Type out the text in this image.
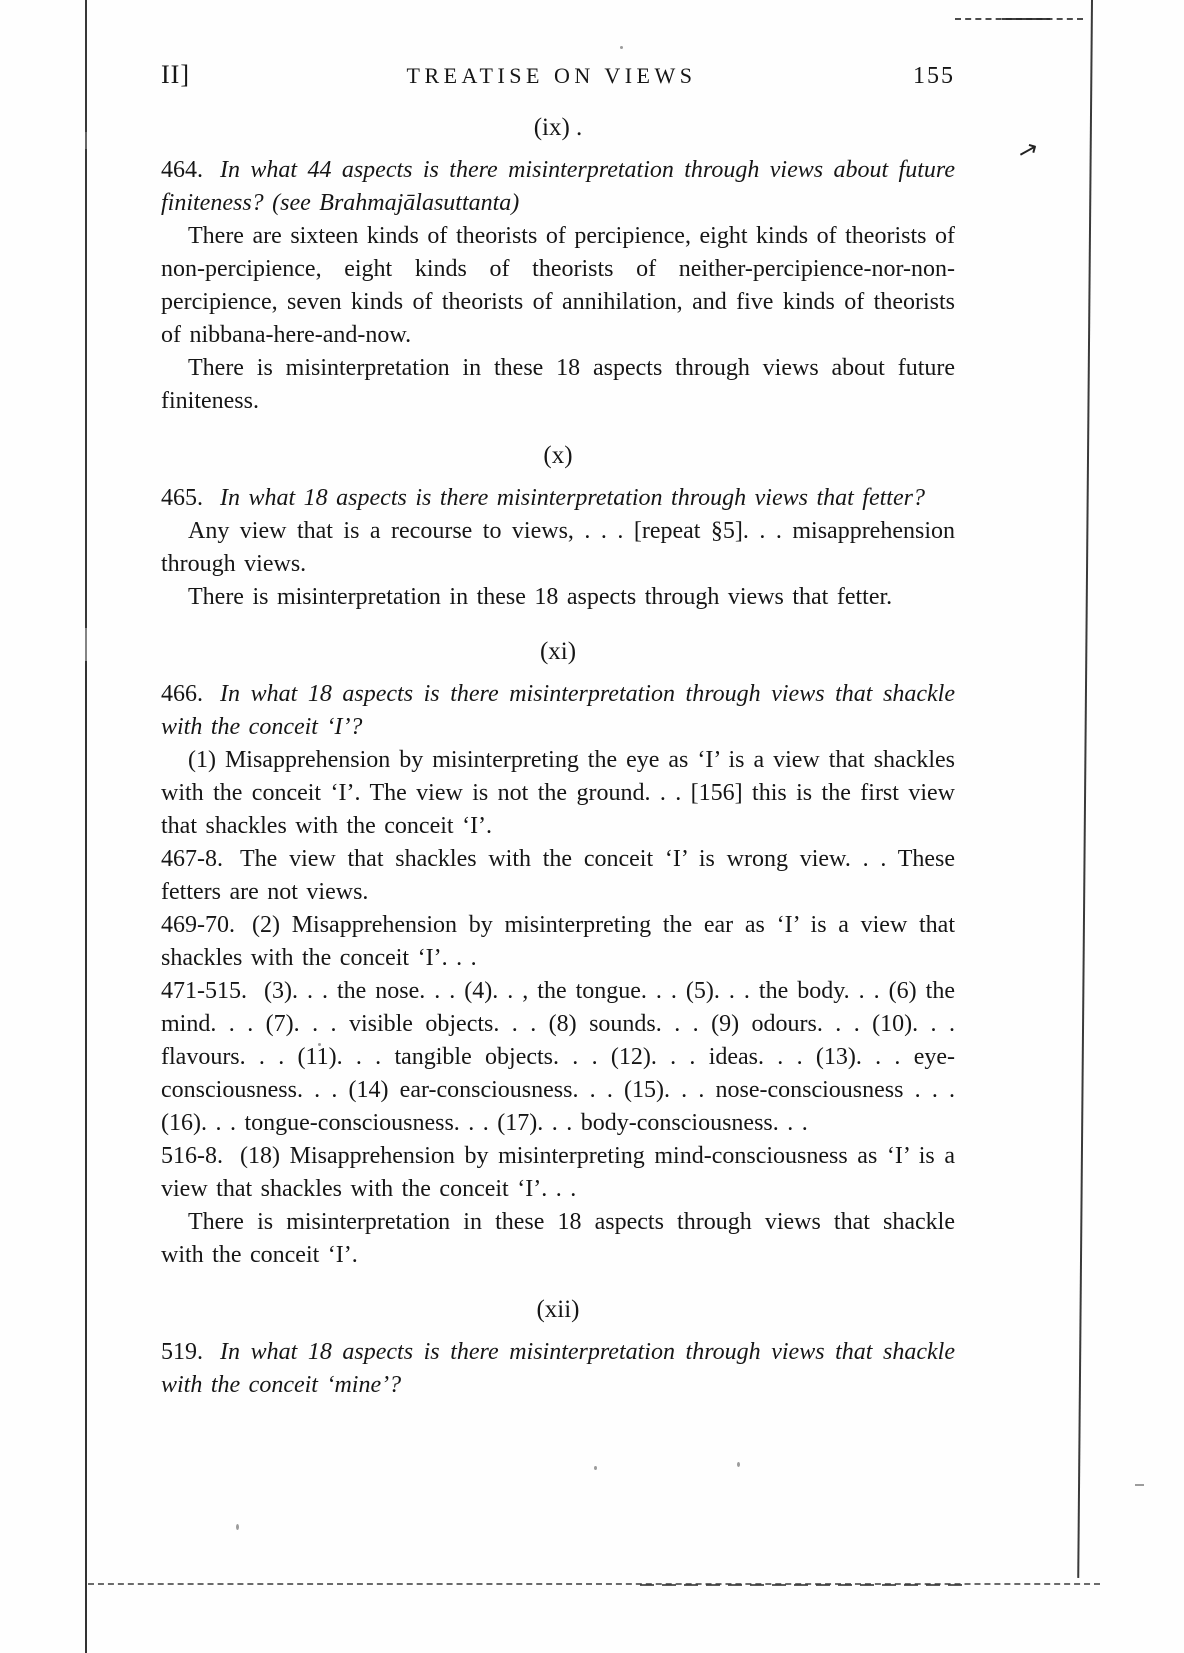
↗
II]	TREATISE ON VIEWS	155
(ix) .

464. In what 44 aspects is there misinterpretation through views about future finiteness? (see Brahmajālasuttanta)

There are sixteen kinds of theorists of percipience, eight kinds of theorists of non-percipience, eight kinds of theorists of neither-percipience-nor-non-percipience, seven kinds of theorists of annihilation, and five kinds of theorists of nibbana-here-and-now.

There is misinterpretation in these 18 aspects through views about future finiteness.

(x)

465. In what 18 aspects is there misinterpretation through views that fetter?

Any view that is a recourse to views, . . . [repeat §5]. . . misapprehension through views.

There is misinterpretation in these 18 aspects through views that fetter.

(xi)

466. In what 18 aspects is there misinterpretation through views that shackle with the conceit ‘I’?

(1) Misapprehension by misinterpreting the eye as ‘I’ is a view that shackles with the conceit ‘I’. The view is not the ground. . . [156] this is the first view that shackles with the conceit ‘I’.

467-8. The view that shackles with the conceit ‘I’ is wrong view. . . These fetters are not views.

469-70. (2) Misapprehension by misinterpreting the ear as ‘I’ is a view that shackles with the conceit ‘I’. . .

471-515. (3). . . the nose. . . (4). . , the tongue. . . (5). . . the body. . . (6) the mind. . . (7). . . visible objects. . . (8) sounds. . . (9) odours. . . (10). . . flavours. . . (11). . . tangible objects. . . (12). . . ideas. . . (13). . . eye-consciousness. . . (14) ear-consciousness. . . (15). . . nose-consciousness . . . (16). . . tongue-consciousness. . . (17). . . body-consciousness. . .

516-8. (18) Misapprehension by misinterpreting mind-consciousness as ‘I’ is a view that shackles with the conceit ‘I’. . .

There is misinterpretation in these 18 aspects through views that shackle with the conceit ‘I’.

(xii)

519. In what 18 aspects is there misinterpretation through views that shackle with the conceit ‘mine’?
